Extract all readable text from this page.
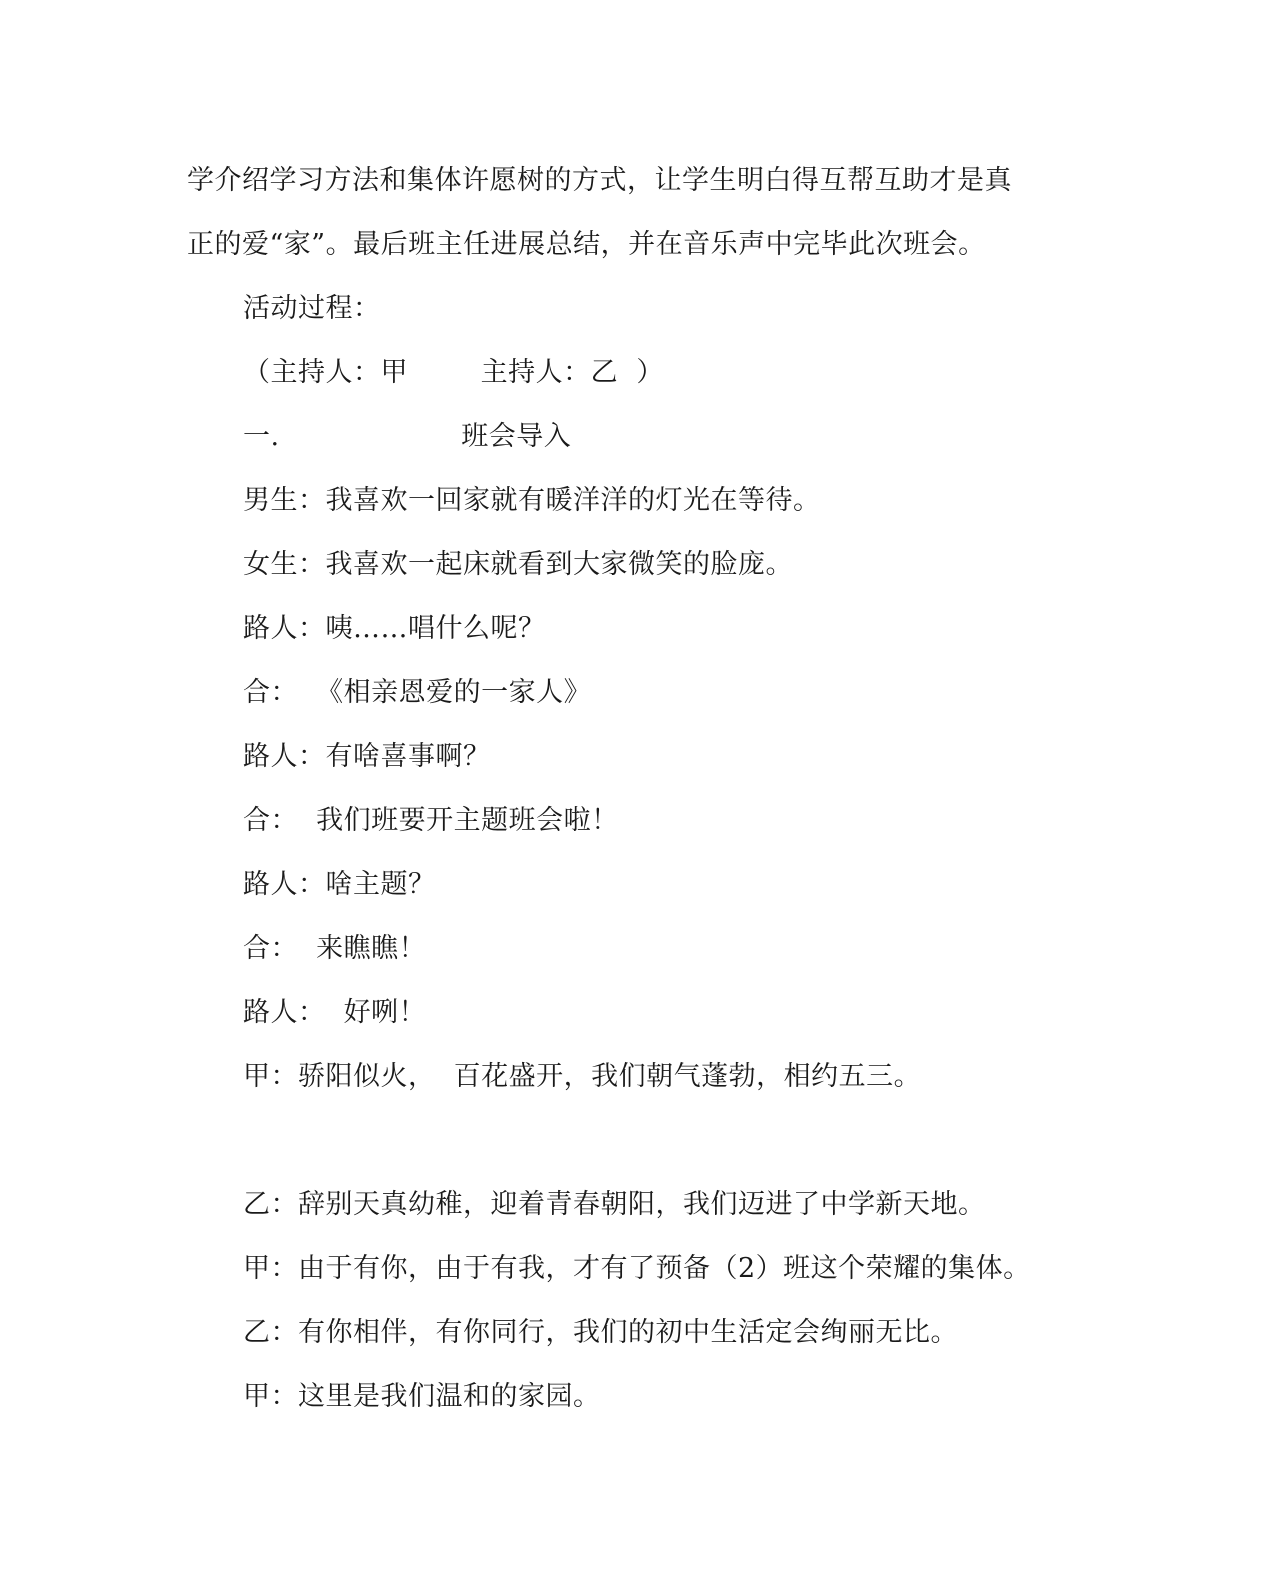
学介绍学习方法和集体许愿树的方式，让学生明白得互帮互助才是真
正的爱“家”。最后班主任进展总结，并在音乐声中完毕此次班会。
活动过程：
（主持人：甲        主持人：乙  ）
一.                    班会导入
男生：我喜欢一回家就有暖洋洋的灯光在等待。
女生：我喜欢一起床就看到大家微笑的脸庞。
路人：咦……唱什么呢？
合：  《相亲恩爱的一家人》
路人：有啥喜事啊？
合：  我们班要开主题班会啦！
路人：啥主题？
合：  来瞧瞧！
路人：  好咧！
甲：骄阳似火，  百花盛开，我们朝气蓬勃，相约五三。
乙：辞别天真幼稚，迎着青春朝阳，我们迈进了中学新天地。
甲：由于有你，由于有我，才有了预备（2）班这个荣耀的集体。
乙：有你相伴，有你同行，我们的初中生活定会绚丽无比。
甲：这里是我们温和的家园。
